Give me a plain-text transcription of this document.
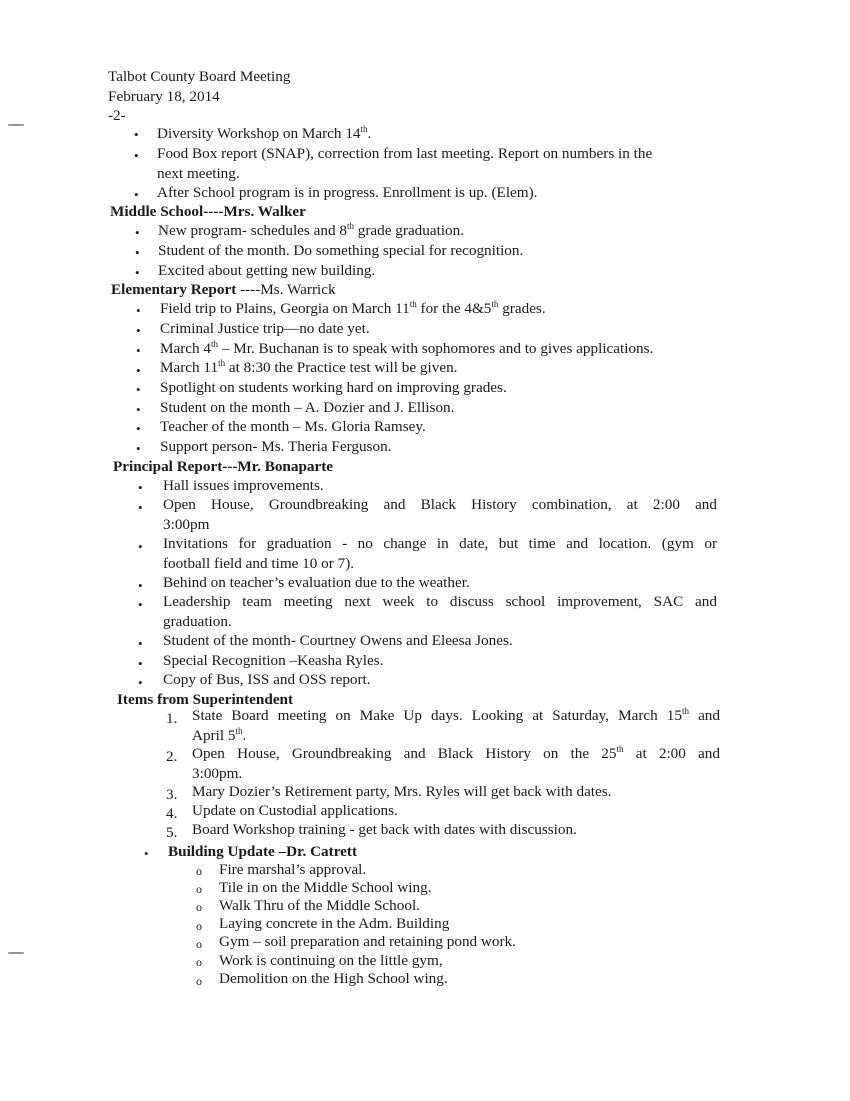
Talbot County Board Meeting
February 18, 2014
-2-
• Diversity Workshop on March 14th.
• Food Box report (SNAP), correction from last meeting. Report on numbers in the
next meeting.
• After School program is in progress. Enrollment is up. (Elem).
Middle School----Mrs. Walker
• New program- schedules and 8th grade graduation.
• Student of the month. Do something special for recognition.
• Excited about getting new building.
Elementary Report ----Ms. Warrick
• Field trip to Plains, Georgia on March 11th for the 4&5th grades.
• Criminal Justice trip—no date yet.
• March 4th – Mr. Buchanan is to speak with sophomores and to gives applications.
• March 11th at 8:30 the Practice test will be given.
• Spotlight on students working hard on improving grades.
• Student on the month – A. Dozier and J. Ellison.
• Teacher of the month – Ms. Gloria Ramsey.
• Support person- Ms. Theria Ferguson.
Principal Report---Mr. Bonaparte
• Hall issues improvements.
• Open House, Groundbreaking and Black History combination, at 2:00 and
3:00pm
• Invitations for graduation - no change in date, but time and location. (gym or
football field and time 10 or 7).
• Behind on teacher’s evaluation due to the weather.
• Leadership team meeting next week to discuss school improvement, SAC and
graduation.
• Student of the month- Courtney Owens and Eleesa Jones.
• Special Recognition –Keasha Ryles.
• Copy of Bus, ISS and OSS report.
Items from Superintendent
1. State Board meeting on Make Up days. Looking at Saturday, March 15th and
April 5th.
2. Open House, Groundbreaking and Black History on the 25th at 2:00 and
3:00pm.
3. Mary Dozier’s Retirement party, Mrs. Ryles will get back with dates.
4. Update on Custodial applications.
5. Board Workshop training - get back with dates with discussion.
• Building Update –Dr. Catrett
o Fire marshal’s approval.
o Tile in on the Middle School wing.
o Walk Thru of the Middle School.
o Laying concrete in the Adm. Building
o Gym – soil preparation and retaining pond work.
o Work is continuing on the little gym,
o Demolition on the High School wing.
